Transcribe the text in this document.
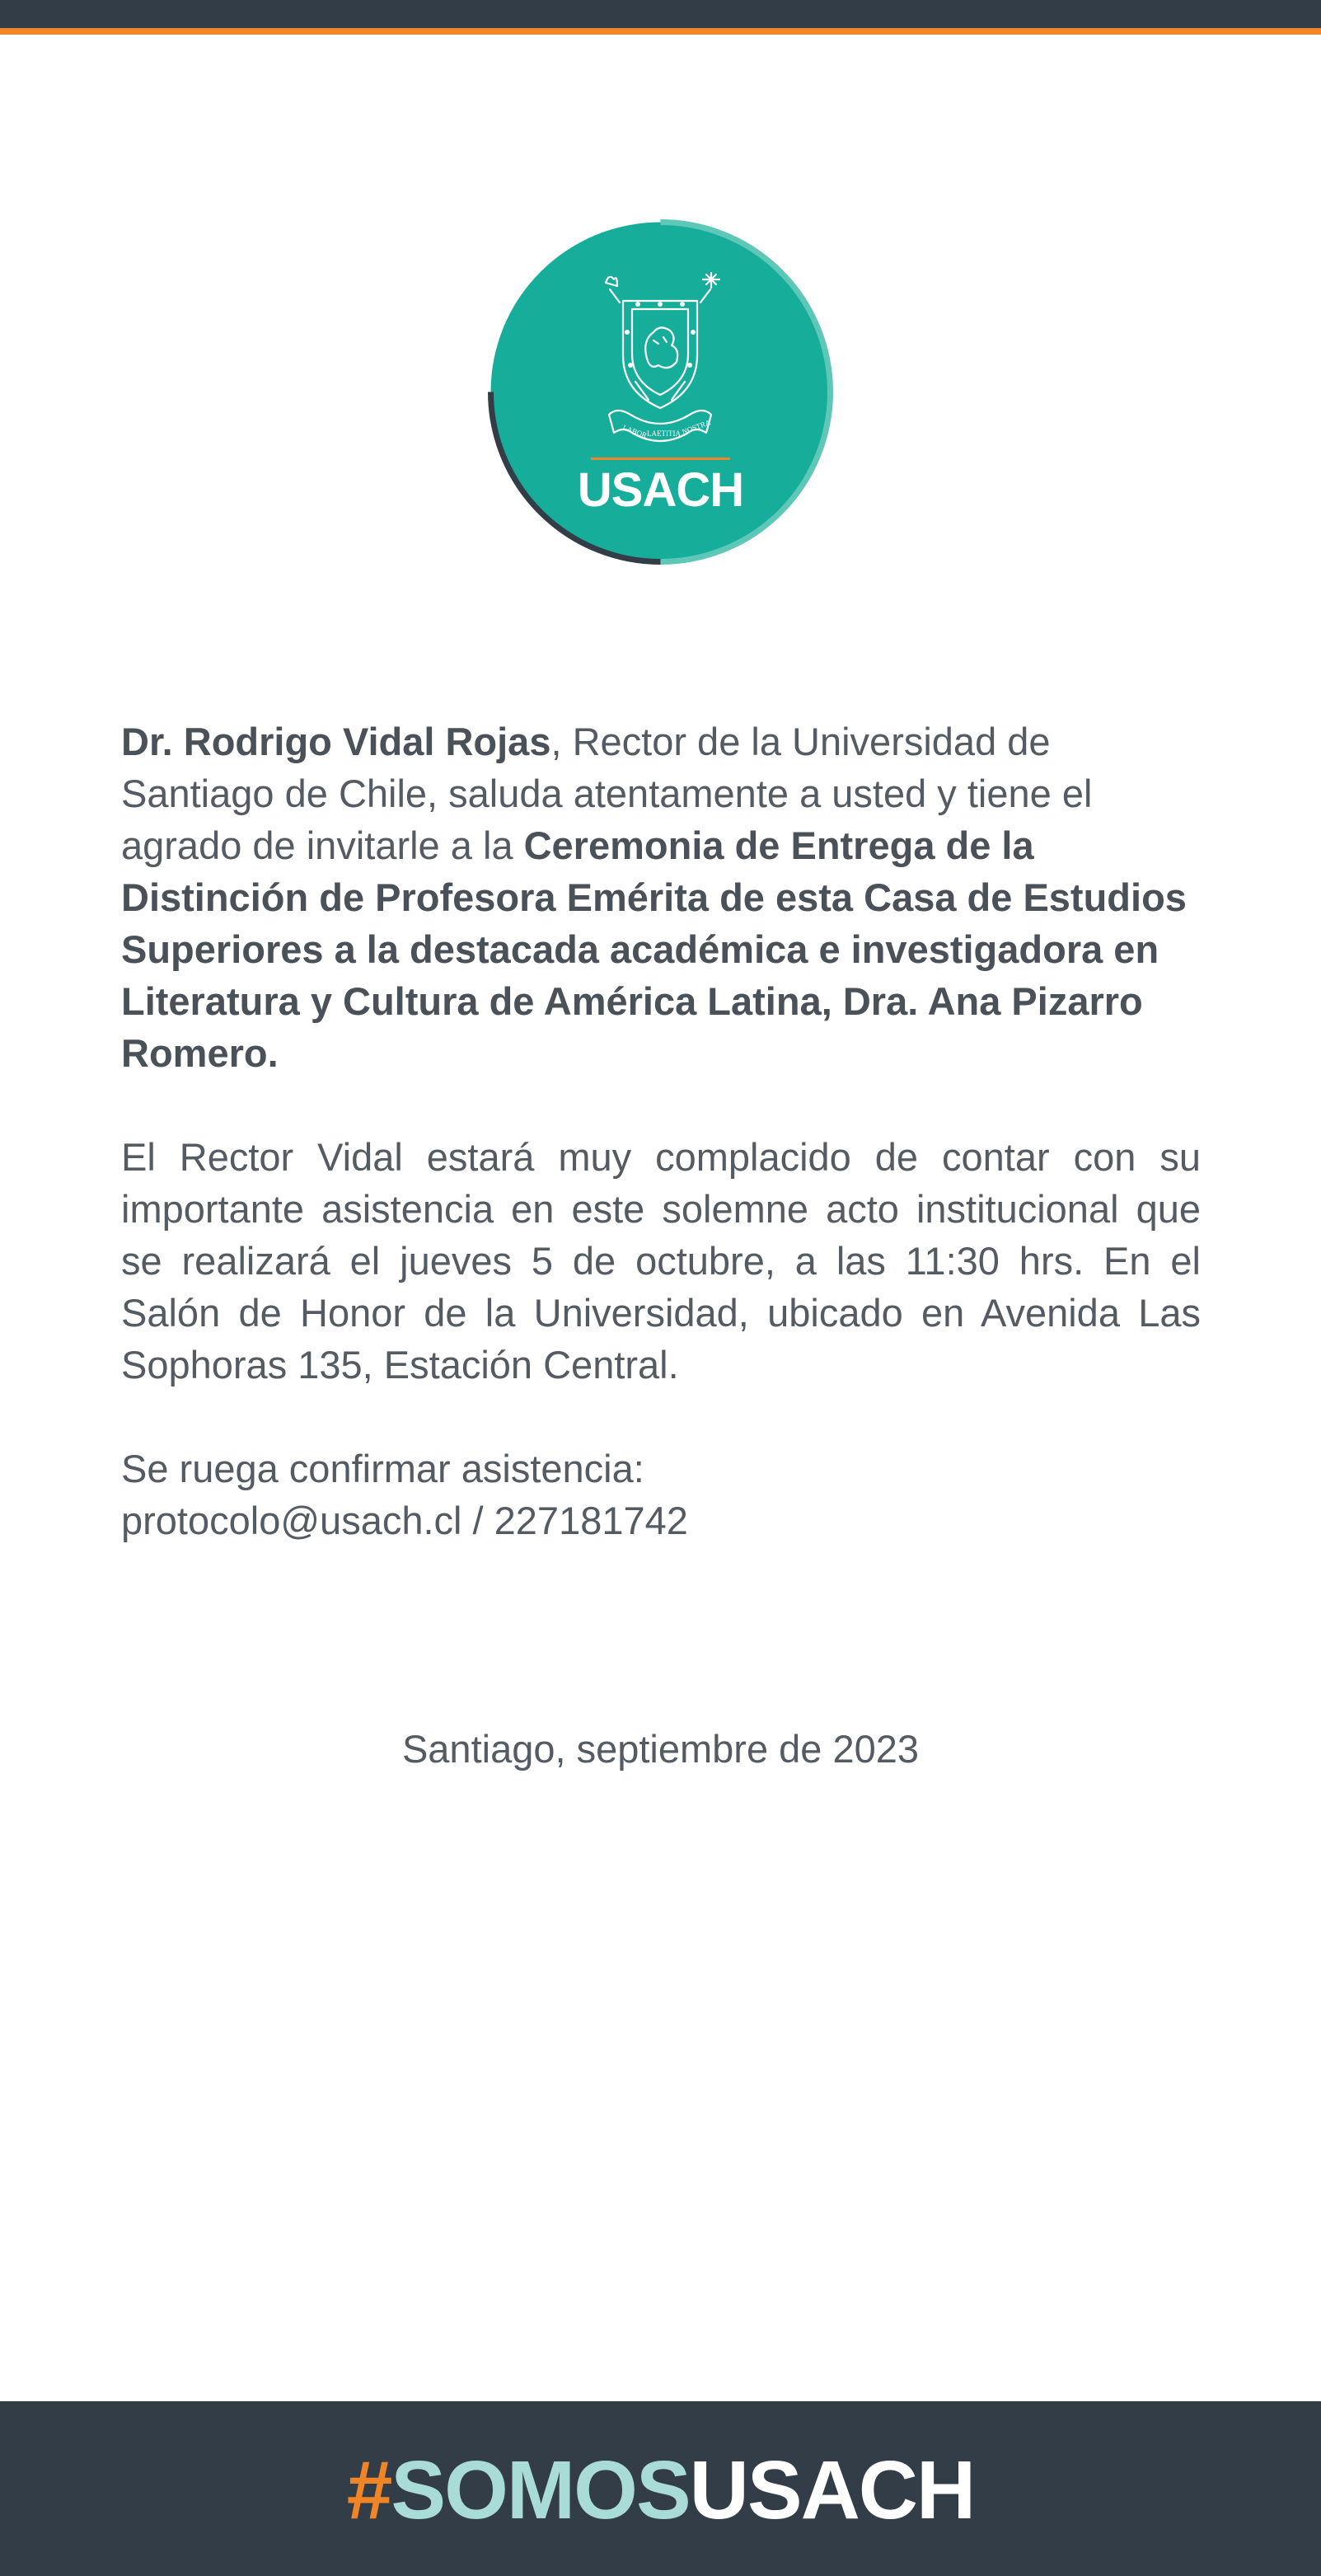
LABOR
LAETITIA NOSTRA
USACH

Dr. Rodrigo Vidal Rojas, Rector de la Universidad de Santiago de Chile, saluda atentamente a usted y tiene el agrado de invitarle a la Ceremonia de Entrega de la Distinción de Profesora Emérita de esta Casa de Estudios Superiores a la destacada académica e investigadora en Literatura y Cultura de América Latina, Dra. Ana Pizarro Romero.

El Rector Vidal estará muy complacido de contar con su importante asistencia en este solemne acto institucional que se realizará el jueves 5 de octubre, a las 11:30 hrs. En el Salón de Honor de la Universidad, ubicado en Avenida Las Sophoras 135, Estación Central.

Se ruega confirmar asistencia:
protocolo@usach.cl / 227181742

Santiago, septiembre de 2023
#SOMOSUSACH
